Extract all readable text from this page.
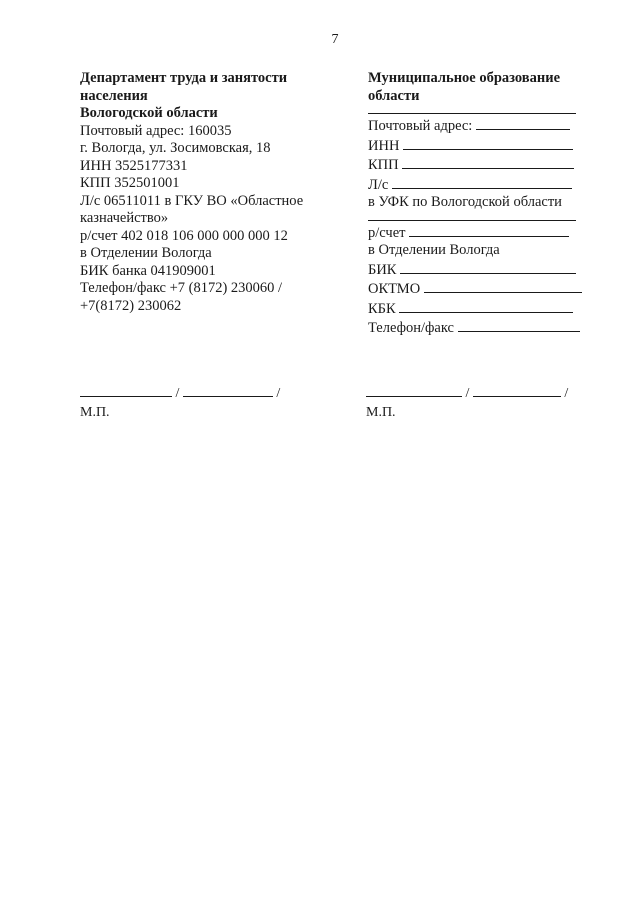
7
Департамент труда и занятости
населения
Вологодской области
Почтовый адрес: 160035
г. Вологда, ул. Зосимовская, 18
ИНН 3525177331
КПП 352501001
Л/с 06511011 в ГКУ ВО «Областное
казначейство»
р/счет 402 018 106 000 000 000 12
в Отделении Вологда
БИК банка 041909001
Телефон/факс +7 (8172) 230060 /
+7(8172) 230062
Муниципальное образование
области
Почтовый адрес:
ИНН
КПП
Л/с
в УФК по Вологодской области
р/счет
в Отделении Вологда
БИК
ОКТМО
КБК
Телефон/факс
/	/
М.П.
/	/
М.П.
